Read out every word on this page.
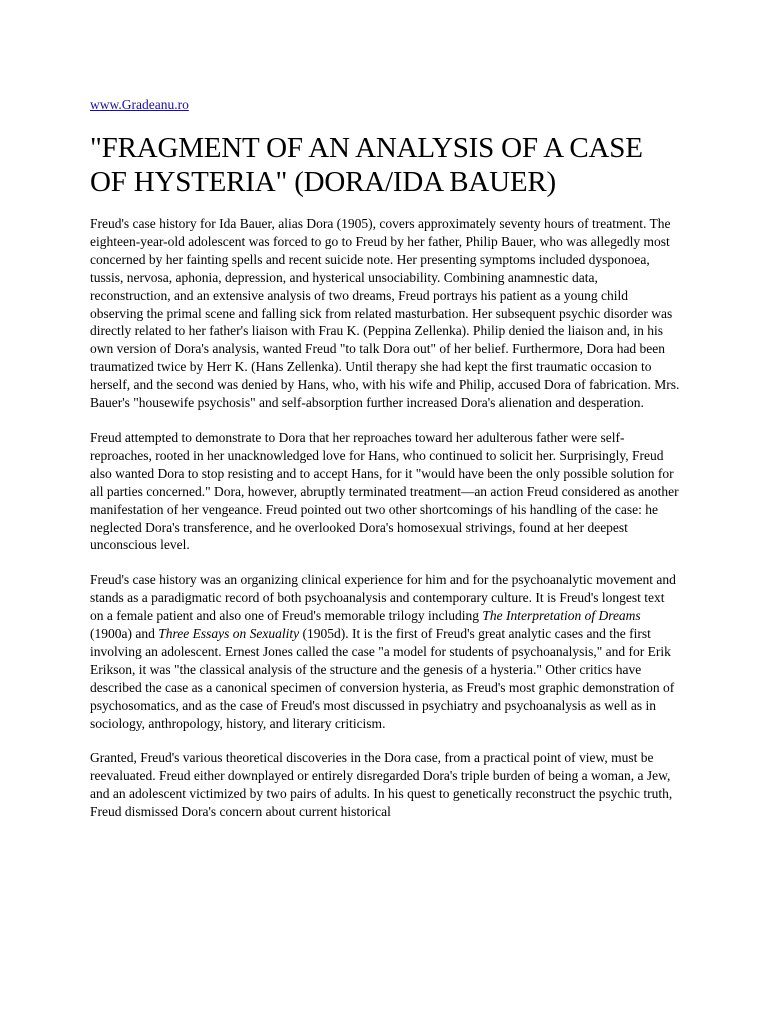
www.Gradeanu.ro
"FRAGMENT OF AN ANALYSIS OF A CASE OF HYSTERIA" (DORA/IDA BAUER)

Freud's case history for Ida Bauer, alias Dora (1905), covers approximately seventy hours of treatment. The eighteen-year-old adolescent was forced to go to Freud by her father, Philip Bauer, who was allegedly most concerned by her fainting spells and recent suicide note. Her presenting symptoms included dysponoea, tussis, nervosa, aphonia, depression, and hysterical unsociability. Combining anamnestic data, reconstruction, and an extensive analysis of two dreams, Freud portrays his patient as a young child observing the primal scene and falling sick from related masturbation. Her subsequent psychic disorder was directly related to her father's liaison with Frau K. (Peppina Zellenka). Philip denied the liaison and, in his own version of Dora's analysis, wanted Freud "to talk Dora out" of her belief. Furthermore, Dora had been traumatized twice by Herr K. (Hans Zellenka). Until therapy she had kept the first traumatic occasion to herself, and the second was denied by Hans, who, with his wife and Philip, accused Dora of fabrication. Mrs. Bauer's "housewife psychosis" and self-absorption further increased Dora's alienation and desperation.

Freud attempted to demonstrate to Dora that her reproaches toward her adulterous father were self-reproaches, rooted in her unacknowledged love for Hans, who continued to solicit her. Surprisingly, Freud also wanted Dora to stop resisting and to accept Hans, for it "would have been the only possible solution for all parties concerned." Dora, however, abruptly terminated treatment—an action Freud considered as another manifestation of her vengeance. Freud pointed out two other shortcomings of his handling of the case: he neglected Dora's transference, and he overlooked Dora's homosexual strivings, found at her deepest unconscious level.

Freud's case history was an organizing clinical experience for him and for the psychoanalytic movement and stands as a paradigmatic record of both psychoanalysis and contemporary culture. It is Freud's longest text on a female patient and also one of Freud's memorable trilogy including The Interpretation of Dreams (1900a) and Three Essays on Sexuality (1905d). It is the first of Freud's great analytic cases and the first involving an adolescent. Ernest Jones called the case "a model for students of psychoanalysis," and for Erik Erikson, it was "the classical analysis of the structure and the genesis of a hysteria." Other critics have described the case as a canonical specimen of conversion hysteria, as Freud's most graphic demonstration of psychosomatics, and as the case of Freud's most discussed in psychiatry and psychoanalysis as well as in sociology, anthropology, history, and literary criticism.

Granted, Freud's various theoretical discoveries in the Dora case, from a practical point of view, must be reevaluated. Freud either downplayed or entirely disregarded Dora's triple burden of being a woman, a Jew, and an adolescent victimized by two pairs of adults. In his quest to genetically reconstruct the psychic truth, Freud dismissed Dora's concern about current historical
